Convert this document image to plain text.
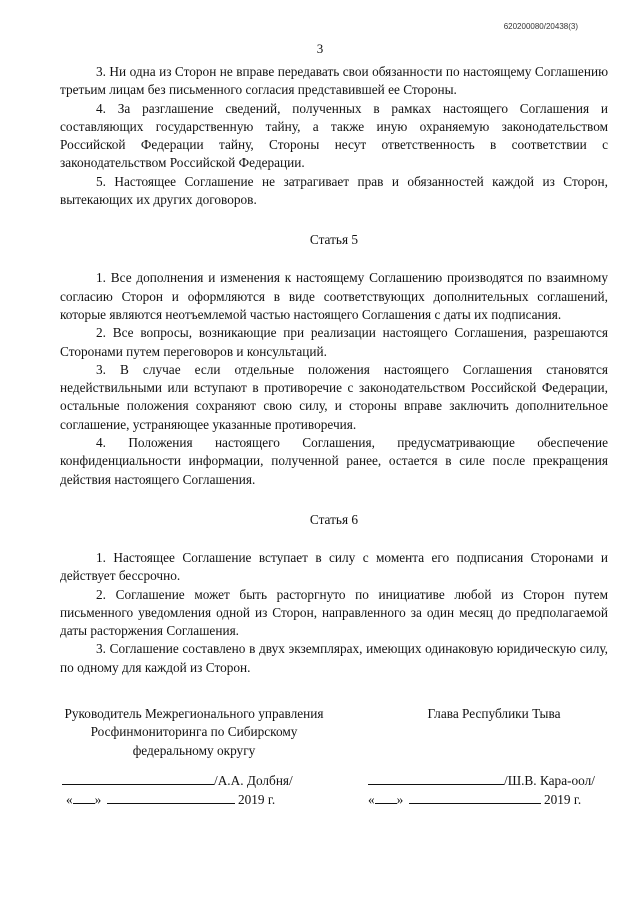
620200080/20438(3)
3

3. Ни одна из Сторон не вправе передавать свои обязанности по настоящему Соглашению третьим лицам без письменного согласия представившей ее Стороны.

4. За разглашение сведений, полученных в рамках настоящего Соглашения и составляющих государственную тайну, а также иную охраняемую законодательством Российской Федерации тайну, Стороны несут ответственность в соответствии с законодательством Российской Федерации.

5. Настоящее Соглашение не затрагивает прав и обязанностей каждой из Сторон, вытекающих их других договоров.

Статья 5

1. Все дополнения и изменения к настоящему Соглашению производятся по взаимному согласию Сторон и оформляются в виде соответствующих дополнительных соглашений, которые являются неотъемлемой частью настоящего Соглашения с даты их подписания.

2. Все вопросы, возникающие при реализации настоящего Соглашения, разрешаются Сторонами путем переговоров и консультаций.

3. В случае если отдельные положения настоящего Соглашения становятся недействильными или вступают в противоречие с законодательством Российской Федерации, остальные положения сохраняют свою силу, и стороны вправе заключить дополнительное соглашение, устраняющее указанные противоречия.

4. Положения настоящего Соглашения, предусматривающие обеспечение конфиденциальности информации, полученной ранее, остается в силе после прекращения действия настоящего Соглашения.

Статья 6

1. Настоящее Соглашение вступает в силу с момента его подписания Сторонами и действует бессрочно.

2. Соглашение может быть расторгнуто по инициативе любой из Сторон путем письменного уведомления одной из Сторон, направленного за один месяц до предполагаемой даты расторжения Соглашения.

3. Соглашение составлено в двух экземплярах, имеющих одинаковую юридическую силу, по одному для каждой из Сторон.

Руководитель Межрегионального управления Росфинмониторинга по Сибирскому федеральному округу
Глава Республики Тыва
/А.А. Долбня/
« »	2019 г.
/Ш.В. Кара-оол/
« »	2019 г.
